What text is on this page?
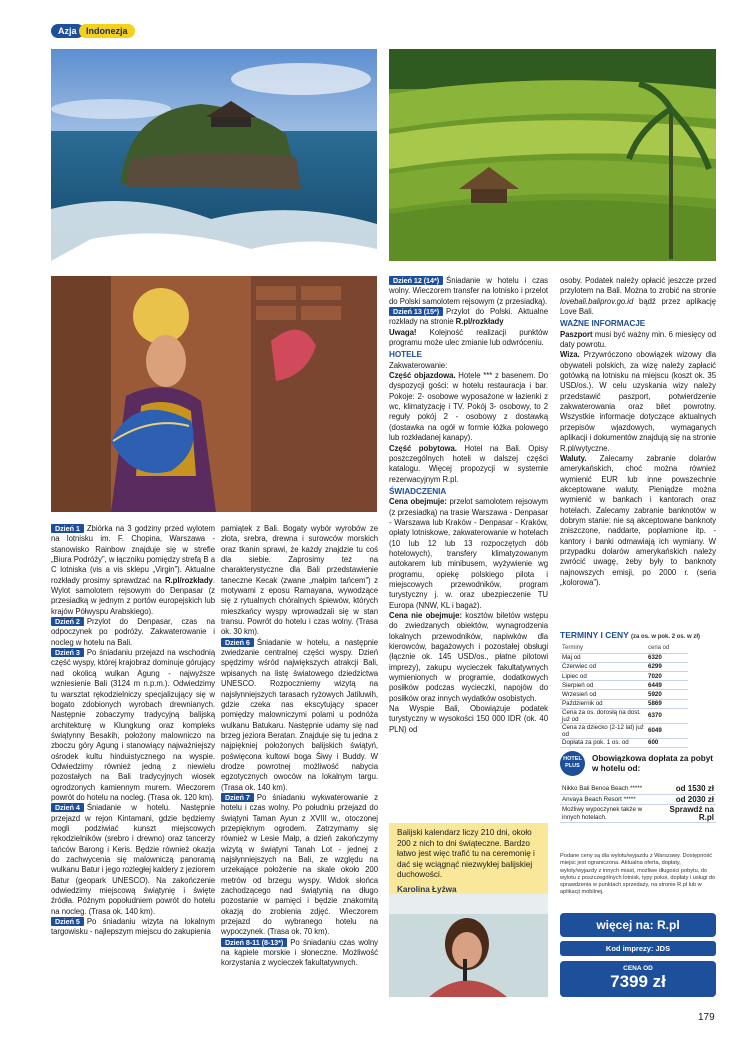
Azja	Indonezja

Dzień 1 Zbiórka na 3 godziny przed wylotem na lotnisku im. F. Chopina, Warszawa - stanowisko Rainbow znajduje się w strefie „Biura Podróży”, w łączniku pomiędzy strefą B a C lotniska (vis a vis sklepu „Virgin”). Aktualne rozkłady prosimy sprawdzać na R.pl/rozkłady. Wylot samolotem rejsowym do Denpasar (z przesiadką w jednym z portów europejskich lub krajów Półwyspu Arabskiego).

Dzień 2 Przylot do Denpasar, czas na odpoczynek po podróży. Zakwaterowanie i nocleg w hotelu na Bali.

Dzień 3 Po śniadaniu przejazd na wschodnią część wyspy, której krajobraz dominuje górujący nad okolicą wulkan Agung - najwyższe wzniesienie Bali (3124 m n.p.m.). Odwiedzimy tu warsztat rękodzielniczy specjalizujący się w bogato zdobionych wyrobach drewnianych. Następnie zobaczymy tradycyjną balijską architekturę w Klungkung oraz kompleks świątynny Besakih, położony malowniczo na zboczu góry Agung i stanowiący najważniejszy ośrodek kultu hinduistycznego na wyspie. Odwiedzimy również jedną z niewielu pozostałych na Bali tradycyjnych wiosek ogrodzonych kamiennym murem. Wieczorem powrót do hotelu na nocleg. (Trasa ok. 120 km).

Dzień 4 Śniadanie w hotelu. Następnie przejazd w rejon Kintamani, gdzie będziemy mogli podziwiać kunszt miejscowych rękodzielników (srebro i drewno) oraz tancerzy tańców Barong i Keris. Będzie również okazja do zachwycenia się malowniczą panoramą wulkanu Batur i jego rozległej kaldery z jeziorem Batur (geopark UNESCO). Na zakończenie odwiedzimy miejscową świątynię i święte źródła. Późnym popołudniem powrót do hotelu na nocleg. (Trasa ok. 140 km).

Dzień 5 Po śniadaniu wizyta na lokalnym targowisku - najlepszym miejscu do zakupienia

pamiątek z Bali. Bogaty wybór wyrobów ze złota, srebra, drewna i surowców morskich oraz tkanin sprawi, że każdy znajdzie tu coś dla siebie. Zaprosimy tez na charakterystyczne dla Bali przedstawienie taneczne Kecak (zwane „małpim tańcem”) z motywami z eposu Ramayana, wywodzące się z rytualnych chóralnych śpiewów, których mieszkańcy wyspy wprowadzali się w stan transu. Powrót do hotelu i czas wolny. (Trasa ok. 30 km).

Dzień 6 Śniadanie w hotelu, a następnie zwiedzanie centralnej części wyspy. Dzień spędzimy wśród największych atrakcji Bali, wpisanych na listę światowego dziedzictwa UNESCO. Rozpoczniemy wizytą na najsłynniejszych tarasach ryżowych Jatiluwih, gdzie czeka nas ekscytujący spacer pomiędzy malowniczymi polami u podnóża wulkanu Batukaru. Następnie udamy się nad brzeg jeziora Beratan. Znajduje się tu jedna z najpiękniej położonych balijskich świątyń, poświęcona kultowi boga Śiwy i Buddy. W drodze powrotnej możliwość nabycia egzotycznych owoców na lokalnym targu. (Trasa ok. 140 km).

Dzień 7 Po śniadaniu wykwaterowanie z hotelu i czas wolny. Po południu przejazd do świątyni Taman Ayun z XVIII w., otoczonej przepięknym ogrodem. Zatrzymamy się również w Lesie Małp, a dzień zakończymy wizytą w świątyni Tanah Lot - jednej z najsłynniejszych na Bali, ze względu na urzekające położenie na skale około 200 metrów od brzegu wyspy. Widok słońca zachodzącego nad świątynią na długo pozostanie w pamięci i będzie znakomitą okazją do zrobienia zdjęć. Wieczorem przejazd do wybranego hotelu na wypoczynek. (Trasa ok. 70 km).

Dzień 8-11 (8-13*) Po śniadaniu czas wolny na kąpiele morskie i słoneczne. Możliwość korzystania z wycieczek fakultatywnych.

Dzień 12 (14*) Śniadanie w hotelu i czas wolny. Wieczorem transfer na lotnisko i przelot do Polski samolotem rejsowym (z przesiadką).

Dzień 13 (15*) Przylot do Polski. Aktualne rozkłady na stronie R.pl/rozkłady

Uwaga! Kolejność realizacji punktów programu może ulec zmianie lub odwróceniu.

HOTELE

Zakwaterowanie:

Część objazdowa. Hotele *** z basenem. Do dyspozycji gości: w hotelu restauracja i bar. Pokoje: 2- osobowe wyposażone w łazienki z wc, klimatyzację i TV. Pokój 3- osobowy, to 2 reguły pokój 2 - osobowy z dostawką (dostawka na ogół w formie łóżka polowego lub rozkładanej kanapy).

Część pobytowa. Hotel na Bali. Opisy poszczególnych hoteli w dalszej części katalogu. Więcej propozycji w systemie rezerwacyjnym R.pl.

ŚWIADCZENIA

Cena obejmuje: przelot samolotem rejsowym (z przesiadką) na trasie Warszawa - Denpasar - Warszawa lub Kraków - Denpasar - Kraków, opłaty lotniskowe, zakwaterowanie w hotelach (10 lub 12 lub 13 rozpoczętych dób hotelowych), transfery klimatyzowanym autokarem lub minibusem, wyżywienie wg programu, opiekę polskiego pilota i miejscowych przewodników, program turystyczny j. w. oraz ubezpieczenie TU Europa (NNW, KL i bagaż).

Cena nie obejmuje: kosztów biletów wstępu do zwiedzanych obiektów, wynagrodzenia lokalnych przewodników, napiwków dla kierowców, bagażowych i pozostałej obsługi (łącznie ok. 145 USD/os., płatne pilotowi imprezy), zakupu wycieczek fakultatywnych wymienionych w programie, dodatkowych posiłków podczas wycieczki, napojów do posiłków oraz innych wydatków osobistych.

Na Wyspie Bali, Obowiązuje podatek turystyczny w wysokości 150 000 IDR (ok. 40 PLN) od

osoby. Podatek należy opłacić jeszcze przed przylotem na Bali. Można to zrobić na stronie lovebali.baliprov.go.id bądź przez aplikację Love Bali.

WAŻNE INFORMACJE

Paszport musi być ważny min. 6 miesięcy od daty powrotu.

Wiza. Przywróczono obowiązek wizowy dla obywateli polskich, za wizę należy zapłacić gotówką na lotnisku na miejscu (koszt ok. 35 USD/os.). W celu uzyskania wizy należy przedstawić paszport, potwierdzenie zakwaterowania oraz bilet powrotny. Wszystkie informacje dotyczące aktualnych przepisów wjazdowych, wymaganych aplikacji i dokumentów znajdują się na stronie R.pl/wytyczne.

Waluty. Zalecamy zabranie dolarów amerykańskich, choć można również wymienić EUR lub inne powszechnie akceptowane waluty. Pieniądze można wymienić w bankach i kantorach oraz hotelach. Zalecamy zabranie banknotów w dobrym stanie: nie są akceptowane banknoty zniszczone, naddarte, poplamione itp. - kantory i banki odmawiają ich wymiany. W przypadku dolarów amerykańskich należy zwrócić uwagę, żeby były to banknoty najnowszych emisji, po 2000 r. (seria „kolorowa”).

Balijski kalendarz liczy 210 dni, około 200 z nich to dni świąteczne. Bardzo łatwo jest więc trafić tu na ceremonię i dać się wciągnąć niezwykłej balijskiej duchowości.
Karolina Łyżwa
TERMINY I CENY (za os. w pok. 2 os. w zł)
Terminy	cena od
Maj od	6320
Czerwiec od	6299
Lipiec od	7020
Sierpień od	6449
Wrzesień od	5920
Październik od	5869
Cena za os. dorosłą na dost. już od	6370
Cena za dziecko (2-12 lat) już od	6049
Dopłata za pok. 1 os. od	600
HOTEL PLUS
Obowiązkowa dopłata za pobyt w hotelu od:
Nikko Bali Benoa Beach *****	od 1530 zł
Anvaya Beach Resort *****	od 2030 zł
Możliwy wypoczynek także w innych hotelach.	Sprawdź na R.pl
Podane ceny są dla wylotu/wyjazdu z Warszawy. Dostępność miejsc jest ograniczona. Aktualna oferta, dopłaty, wyloty/wyjazdy z innych miast, możliwe długości pobytu, do wylotu z poszczególnych lotnisk, typy pokoi, dopłaty i usługi do sprawdzenia w punktach sprzedaży, na stronie R.pl lub w aplikacji mobilnej.
więcej na: R.pl
Kod imprezy: JDS
CENA OD
7399 zł
179
